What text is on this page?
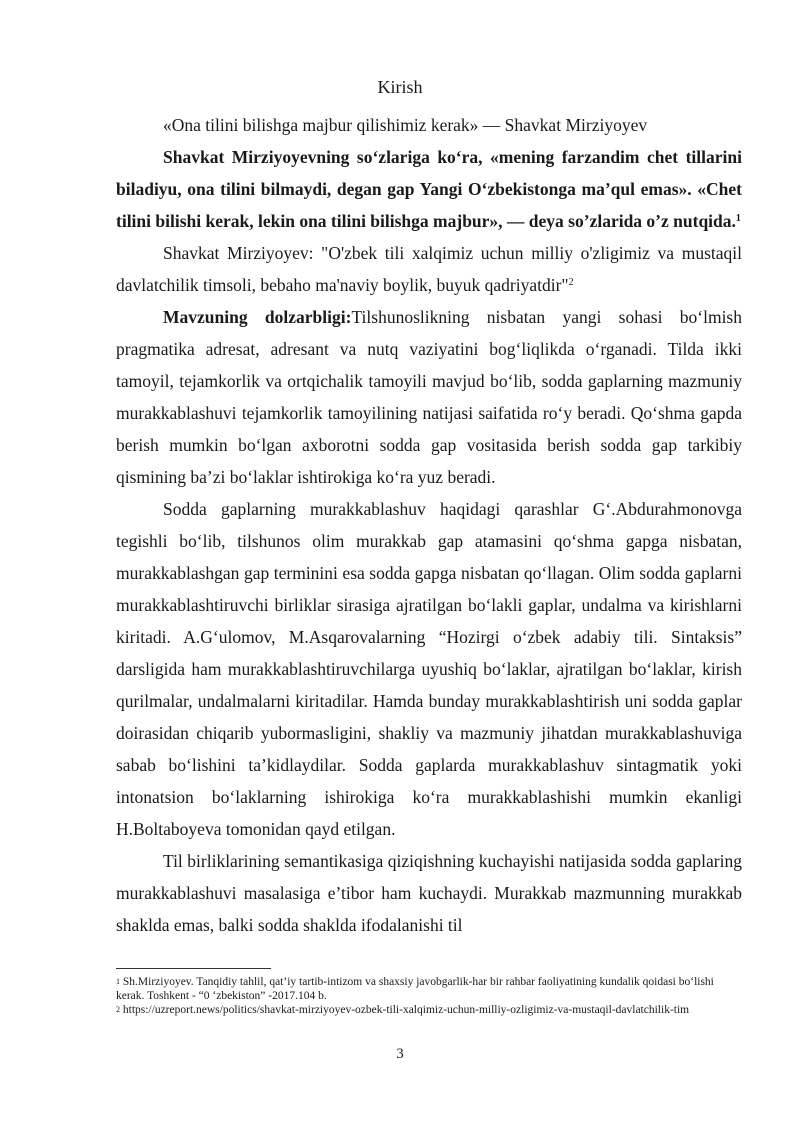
Kirish

«Ona tilini bilishga majbur qilishimiz kerak» — Shavkat Mirziyoyev

Shavkat Mirziyoyevning so‘zlariga ko‘ra, «mening farzandim chet tillarini biladiyu, ona tilini bilmaydi, degan gap Yangi O‘zbekistonga ma’qul emas». «Chet tilini bilishi kerak, lekin ona tilini bilishga majbur», — deya so’zlarida o’z nutqida.$^1$

Shavkat Mirziyoyev: "O'zbek tili xalqimiz uchun milliy o'zligimiz va mustaqil davlatchilik timsoli, bebaho ma'naviy boylik, buyuk qadriyatdir"$^2$

Mavzuning dolzarbligi:Tilshunoslikning nisbatan yangi sohasi bo‘lmish pragmatika adresat, adresant va nutq vaziyatini bog‘liqlikda o‘rganadi. Tilda ikki tamoyil, tejamkorlik va ortqichalik tamoyili mavjud bo‘lib, sodda gaplarning mazmuniy murakkablashuvi tejamkorlik tamoyilining natijasi saifatida ro‘y beradi. Qo‘shma gapda berish mumkin bo‘lgan axborotni sodda gap vositasida berish sodda gap tarkibiy qismining ba’zi bo‘laklar ishtirokiga ko‘ra yuz beradi.

Sodda gaplarning murakkablashuv haqidagi qarashlar G‘.Abdurahmonovga tegishli bo‘lib, tilshunos olim murakkab gap atamasini qo‘shma gapga nisbatan, murakkablashgan gap terminini esa sodda gapga nisbatan qo‘llagan. Olim sodda gaplarni murakkablashtiruvchi birliklar sirasiga ajratilgan bo‘lakli gaplar, undalma va kirishlarni kiritadi. A.G‘ulomov, M.Asqarovalarning “Hozirgi o‘zbek adabiy tili. Sintaksis” darsligida ham murakkablashtiruvchilarga uyushiq bo‘laklar, ajratilgan bo‘laklar, kirish qurilmalar, undalmalarni kiritadilar. Hamda bunday murakkablashtirish uni sodda gaplar doirasidan chiqarib yubormasligini, shakliy va mazmuniy jihatdan murakkablashuviga sabab bo‘lishini ta’kidlaydilar. Sodda gaplarda murakkablashuv sintagmatik yoki intonatsion bo‘laklarning ishirokiga ko‘ra murakkablashishi mumkin ekanligi H.Boltaboyeva tomonidan qayd etilgan.

Til birliklarining semantikasiga qiziqishning kuchayishi natijasida sodda gaplaring murakkablashuvi masalasiga e’tibor ham kuchaydi. Murakkab mazmunning murakkab shaklda emas, balki sodda shaklda ifodalanishi til

$^1$ Sh.Mirziyoyev. Tanqidiy tahlil, qat’iy tartib-intizom va shaxsiy javobgarlik-har bir rahbar faoliyatining kundalik qoidasi bo‘lishi kerak. Toshkent - “0 ‘zbekiston” -2017.104 b.

$^2$ https://uzreport.news/politics/shavkat-mirziyoyev-ozbek-tili-xalqimiz-uchun-milliy-ozligimiz-va-mustaqil-davlatchilik-tim

3
